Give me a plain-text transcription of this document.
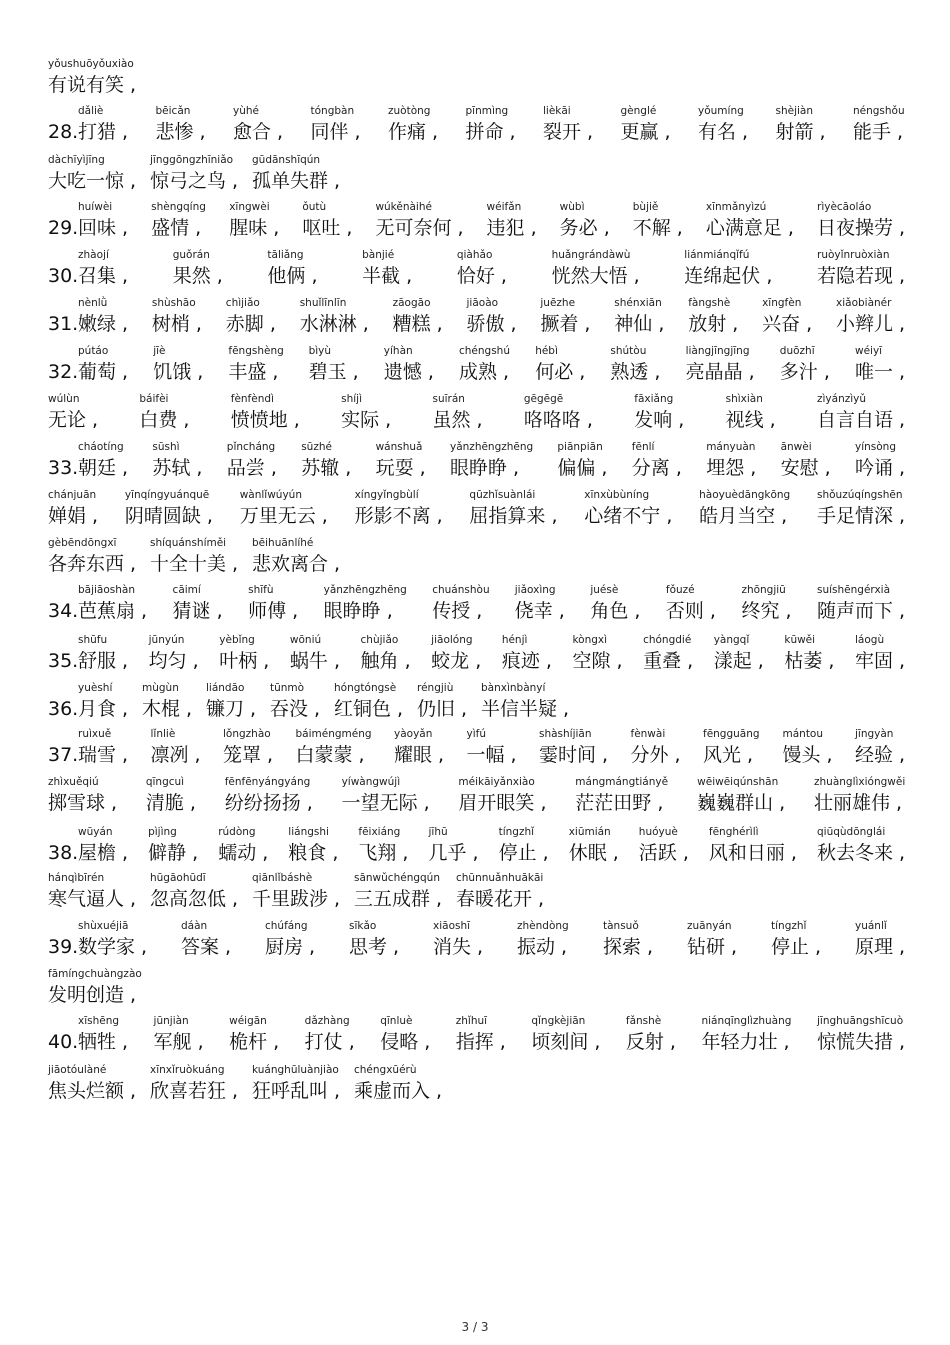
yǒushuōyǒuxiào
有说有笑 ,
28.
dǎliè
打猎 ,
bēicǎn
悲惨 ,
yùhé
愈合 ,
tóngbàn
同伴 ,
zuòtòng
作痛 ,
pīnmìng
拼命 ,
lièkāi
裂开 ,
gènglé
更赢 ,
yǒumíng
有名 ,
shèjiàn
射箭 ,
néngshǒu
能手 ,
dàchīyìjīng
大吃一惊 ,
jīnggōngzhīniǎo
惊弓之鸟 ,
gūdānshīqún
孤单失群 ,
29.
huíwèi
回味 ,
shèngqíng
盛情 ,
xīngwèi
腥味 ,
ǒutù
呕吐 ,
wúkěnàihé
无可奈何 ,
wéifǎn
违犯 ,
wùbì
务必 ,
bùjiě
不解 ,
xīnmǎnyìzú
心满意足 ,
rìyècāoláo
日夜操劳 ,
30.
zhàojí
召集 ,
guǒrán
果然 ,
tāliǎng
他俩 ,
bànjié
半截 ,
qiàhǎo
恰好 ,
huǎngrándàwù
恍然大悟 ,
liánmiánqǐfú
连绵起伏 ,
ruòyǐnruòxiàn
若隐若现 ,
31.
nènlǜ
嫩绿 ,
shùshāo
树梢 ,
chìjiǎo
赤脚 ,
shuǐlīnlīn
水淋淋 ,
zāogāo
糟糕 ,
jiāoào
骄傲 ,
juēzhe
撅着 ,
shénxiān
神仙 ,
fàngshè
放射 ,
xīngfèn
兴奋 ,
xiǎobiànér
小辫儿 ,
32.
pútáo
葡萄 ,
jīè
饥饿 ,
fēngshèng
丰盛 ,
bìyù
碧玉 ,
yíhàn
遗憾 ,
chéngshú
成熟 ,
hébì
何必 ,
shútòu
熟透 ,
liàngjīngjīng
亮晶晶 ,
duōzhī
多汁 ,
wéiyī
唯一 ,
wúlùn
无论 ,
báifèi
白费 ,
fènfèndì
愤愤地 ,
shíjì
实际 ,
suīrán
虽然 ,
gēgēgē
咯咯咯 ,
fāxiǎng
发响 ,
shìxiàn
视线 ,
zìyánzìyǔ
自言自语 ,
33.
cháotíng
朝廷 ,
sūshì
苏轼 ,
pǐncháng
品尝 ,
sūzhé
苏辙 ,
wánshuǎ
玩耍 ,
yǎnzhēngzhēng
眼睁睁 ,
piānpiān
偏偏 ,
fēnlí
分离 ,
mányuàn
埋怨 ,
ānwèi
安慰 ,
yínsòng
吟诵 ,
chánjuān
婵娟 ,
yīnqíngyuánquē
阴晴圆缺 ,
wànlǐwúyún
万里无云 ,
xíngyǐngbùlí
形影不离 ,
qūzhǐsuànlái
屈指算来 ,
xīnxùbùníng
心绪不宁 ,
hàoyuèdāngkōng
皓月当空 ,
shǒuzúqíngshēn
手足情深 ,
gèbēndōngxī
各奔东西 ,
shíquánshíměi
十全十美 ,
bēihuānlíhé
悲欢离合 ,
34.
bājiāoshàn
芭蕉扇 ,
cāimí
猜谜 ,
shīfù
师傅 ,
yǎnzhēngzhēng
眼睁睁 ,
chuánshòu
传授 ,
jiǎoxìng
侥幸 ,
juésè
角色 ,
fǒuzé
否则 ,
zhōngjiū
终究 ,
suíshēngérxià
随声而下 ,
35.
shūfu
舒服 ,
jūnyún
均匀 ,
yèbǐng
叶柄 ,
wōniú
蜗牛 ,
chùjiǎo
触角 ,
jiāolóng
蛟龙 ,
hénjì
痕迹 ,
kòngxì
空隙 ,
chóngdié
重叠 ,
yàngqǐ
漾起 ,
kūwěi
枯萎 ,
láogù
牢固 ,
36.
yuèshí
月食 ,
mùgùn
木棍 ,
liándāo
镰刀 ,
tūnmò
吞没 ,
hóngtóngsè
红铜色 ,
réngjiù
仍旧 ,
bànxìnbànyí
半信半疑 ,
37.
ruìxuě
瑞雪 ,
lǐnliè
凛冽 ,
lǒngzhào
笼罩 ,
báiméngméng
白蒙蒙 ,
yàoyǎn
耀眼 ,
yìfú
一幅 ,
shàshíjiān
霎时间 ,
fènwài
分外 ,
fēngguāng
风光 ,
mántou
馒头 ,
jīngyàn
经验 ,
zhìxuěqiú
掷雪球 ,
qīngcuì
清脆 ,
fēnfēnyángyáng
纷纷扬扬 ,
yíwàngwújì
一望无际 ,
méikāiyǎnxiào
眉开眼笑 ,
mángmángtiányě
茫茫田野 ,
wēiwēiqúnshān
巍巍群山 ,
zhuànglìxióngwěi
壮丽雄伟 ,
38.
wūyán
屋檐 ,
pìjìng
僻静 ,
rúdòng
蠕动 ,
liángshi
粮食 ,
fēixiáng
飞翔 ,
jīhū
几乎 ,
tíngzhǐ
停止 ,
xiūmián
休眠 ,
huóyuè
活跃 ,
fēnghérìlì
风和日丽 ,
qiūqùdōnglái
秋去冬来 ,
hánqìbīrén
寒气逼人 ,
hūgāohūdī
忽高忽低 ,
qiānlǐbáshè
千里跋涉 ,
sānwǔchéngqún
三五成群 ,
chūnnuǎnhuākāi
春暖花开 ,
39.
shùxuéjiā
数学家 ,
dáàn
答案 ,
chúfáng
厨房 ,
sīkǎo
思考 ,
xiāoshī
消失 ,
zhèndòng
振动 ,
tànsuǒ
探索 ,
zuānyán
钻研 ,
tíngzhǐ
停止 ,
yuánlǐ
原理 ,
fāmíngchuàngzào
发明创造 ,
40.
xīshēng
牺牲 ,
jūnjiàn
军舰 ,
wéigān
桅杆 ,
dǎzhàng
打仗 ,
qīnluè
侵略 ,
zhǐhuī
指挥 ,
qǐngkèjiān
顷刻间 ,
fǎnshè
反射 ,
niánqīnglìzhuàng
年轻力壮 ,
jīnghuāngshīcuò
惊慌失措 ,
jiāotóulàné
焦头烂额 ,
xīnxǐruòkuáng
欣喜若狂 ,
kuánghūluànjiào
狂呼乱叫 ,
chéngxūérù
乘虚而入 ,
3 / 3
